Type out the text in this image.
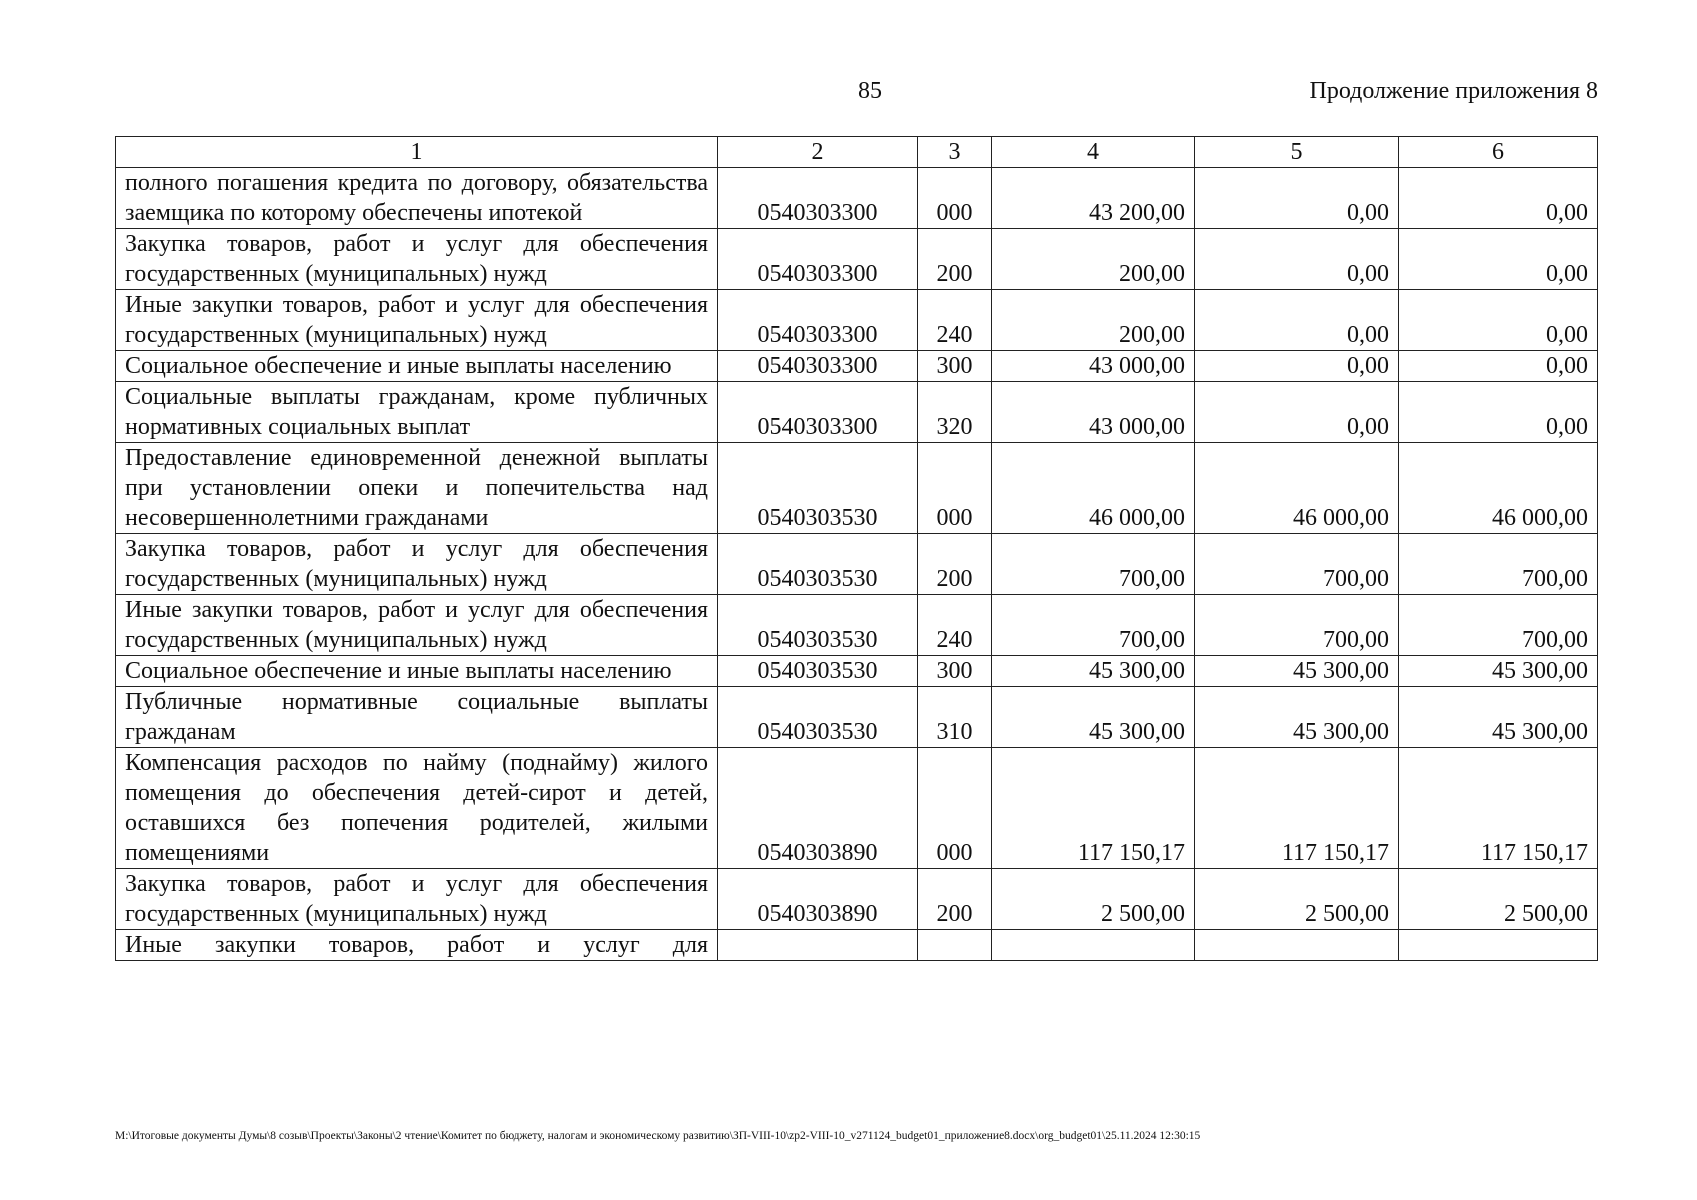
85	Продолжение приложения 8
1	2	3	4	5	6
полного погашения кредита по договору, обязательства заемщика по которому обеспечены ипотекой	0540303300	000	43 200,00	0,00	0,00
Закупка товаров, работ и услуг для обеспечения государственных (муниципальных) нужд	0540303300	200	200,00	0,00	0,00
Иные закупки товаров, работ и услуг для обеспечения государственных (муниципальных) нужд	0540303300	240	200,00	0,00	0,00
Социальное обеспечение и иные выплаты населению	0540303300	300	43 000,00	0,00	0,00
Социальные выплаты гражданам, кроме публичных нормативных социальных выплат	0540303300	320	43 000,00	0,00	0,00
Предоставление единовременной денежной выплаты при установлении опеки и попечительства над несовершеннолетними гражданами	0540303530	000	46 000,00	46 000,00	46 000,00
Закупка товаров, работ и услуг для обеспечения государственных (муниципальных) нужд	0540303530	200	700,00	700,00	700,00
Иные закупки товаров, работ и услуг для обеспечения государственных (муниципальных) нужд	0540303530	240	700,00	700,00	700,00
Социальное обеспечение и иные выплаты населению	0540303530	300	45 300,00	45 300,00	45 300,00
Публичные нормативные социальные выплаты гражданам	0540303530	310	45 300,00	45 300,00	45 300,00
Компенсация расходов по найму (поднайму) жилого помещения до обеспечения детей-сирот и детей, оставшихся без попечения родителей, жилыми помещениями	0540303890	000	117 150,17	117 150,17	117 150,17
Закупка товаров, работ и услуг для обеспечения государственных (муниципальных) нужд	0540303890	200	2 500,00	2 500,00	2 500,00
Иные закупки товаров, работ и услуг для					
M:\Итоговые документы Думы\8 созыв\Проекты\Законы\2 чтение\Комитет по бюджету, налогам и экономическому развитию\ЗП-VIII-10\zp2-VIII-10_v271124_budget01_приложение8.docx\org_budget01\25.11.2024 12:30:15
